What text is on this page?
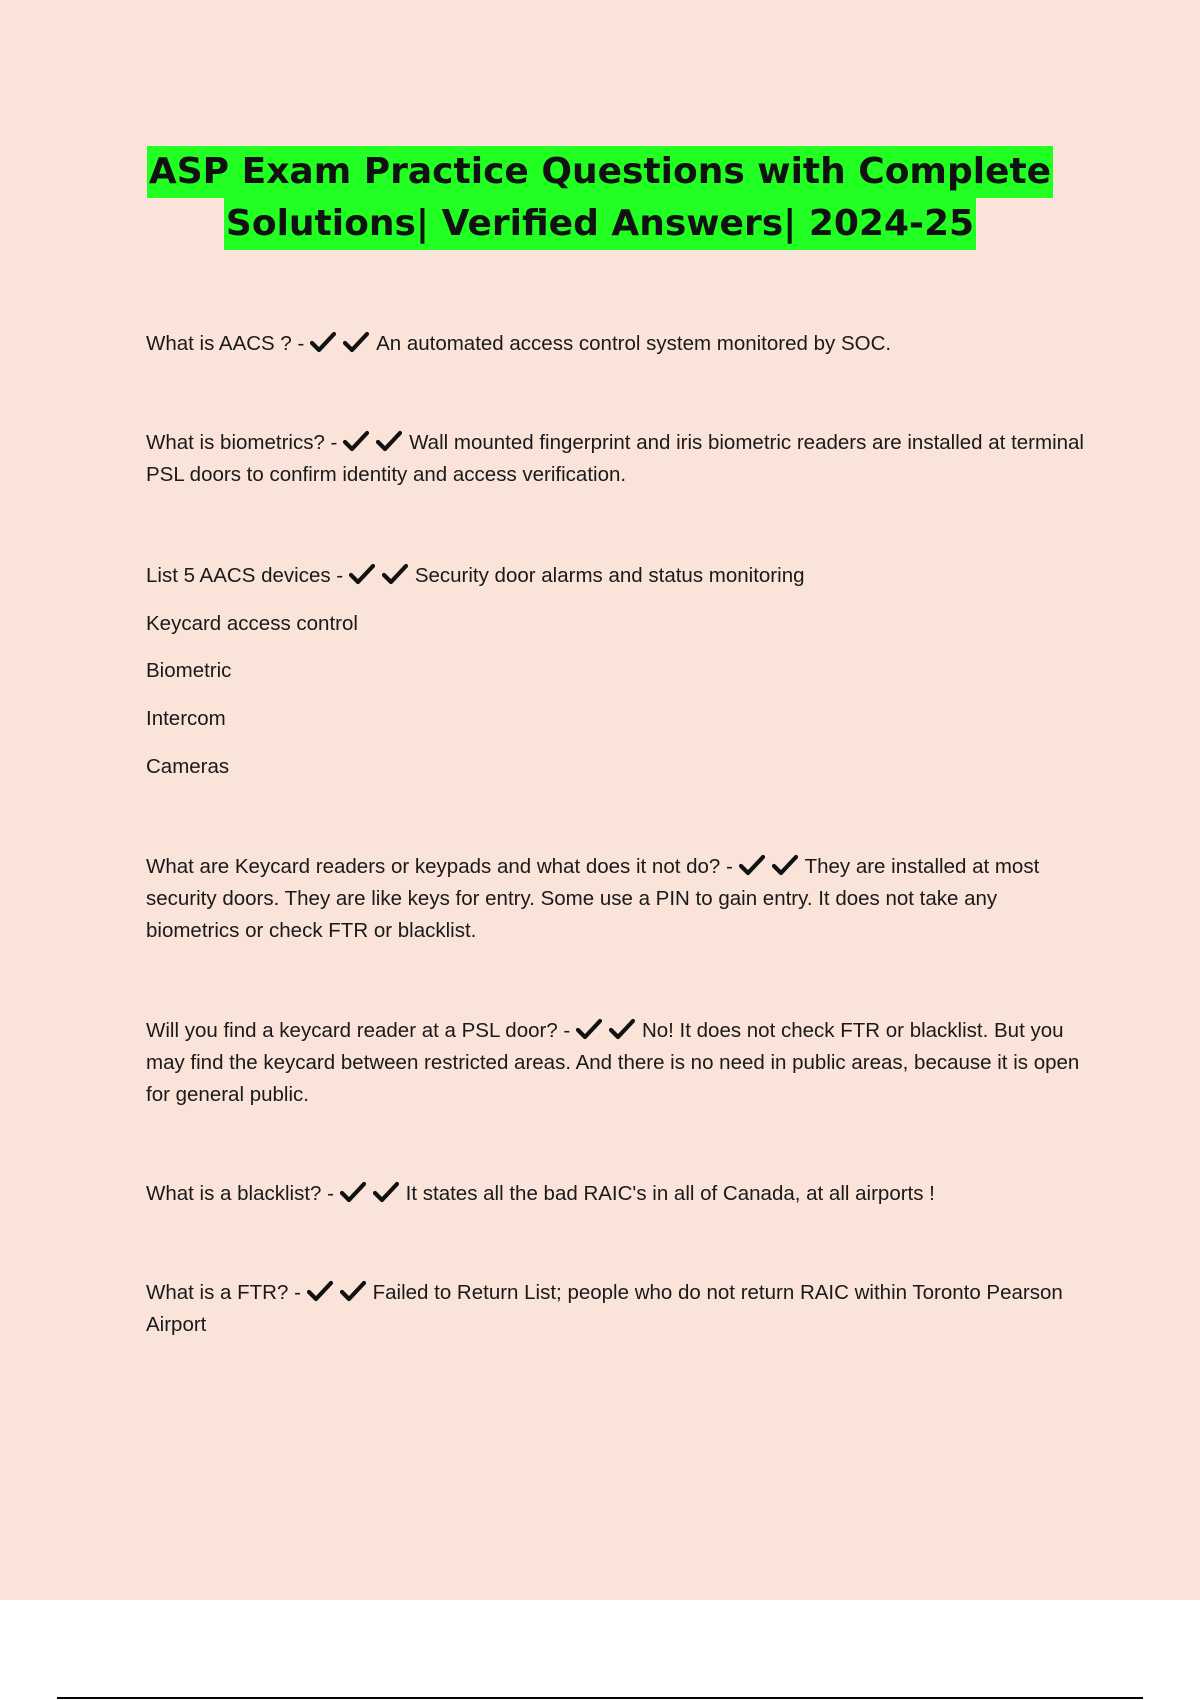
ASP Exam Practice Questions with Complete
Solutions| Verified Answers| 2024-25
What is AACS ? -	An automated access control system monitored by SOC.
What is biometrics? -	Wall mounted fingerprint and iris biometric readers are installed at terminal PSL doors to confirm identity and access verification.
List 5 AACS devices -	Security door alarms and status monitoring
Keycard access control
Biometric
Intercom
Cameras
What are Keycard readers or keypads and what does it not do? -	They are installed at most security doors. They are like keys for entry. Some use a PIN to gain entry. It does not take any biometrics or check FTR or blacklist.
Will you find a keycard reader at a PSL door? -	No! It does not check FTR or blacklist. But you may find the keycard between restricted areas. And there is no need in public areas, because it is open for general public.
What is a blacklist? -	It states all the bad RAIC's in all of Canada, at all airports !
What is a FTR? -	Failed to Return List; people who do not return RAIC within Toronto Pearson Airport
